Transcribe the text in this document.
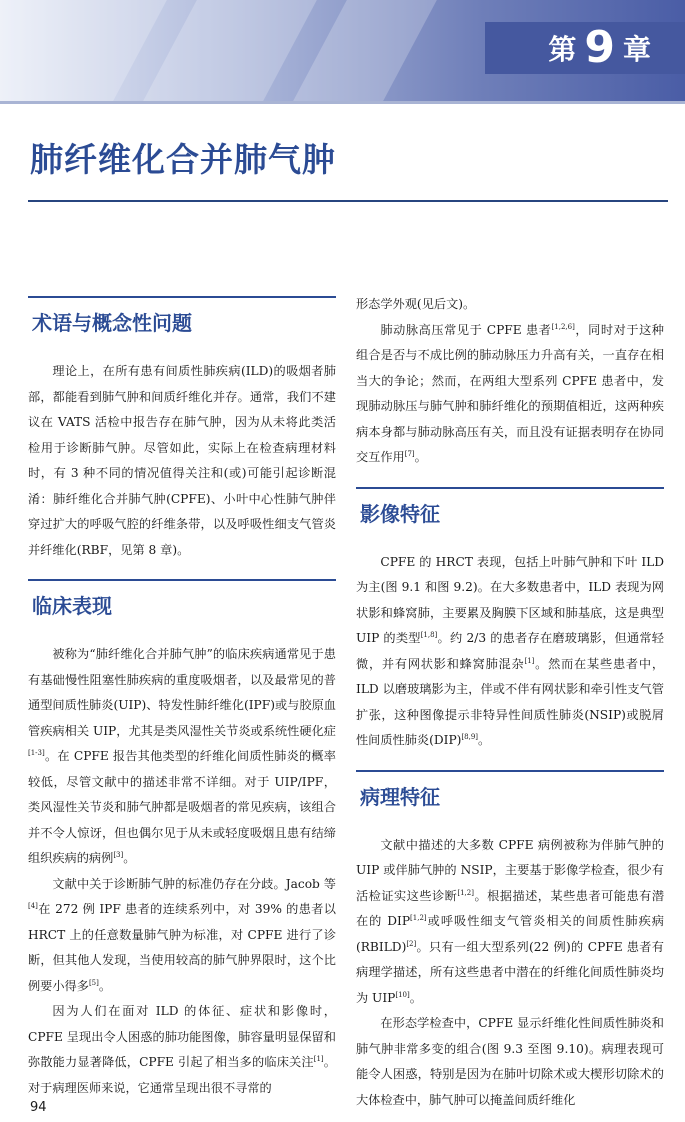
第 9 章
肺纤维化合并肺气肿
术语与概念性问题

理论上，在所有患有间质性肺疾病(ILD)的吸烟者肺部，都能看到肺气肿和间质纤维化并存。通常，我们不建议在 VATS 活检中报告存在肺气肿，因为从未将此类活检用于诊断肺气肿。尽管如此，实际上在检查病理材料时，有 3 种不同的情况值得关注和(或)可能引起诊断混淆：肺纤维化合并肺气肿(CPFE)、小叶中心性肺气肿伴穿过扩大的呼吸气腔的纤维条带，以及呼吸性细支气管炎并纤维化(RBF，见第 8 章)。

临床表现

被称为“肺纤维化合并肺气肿”的临床疾病通常见于患有基础慢性阻塞性肺疾病的重度吸烟者，以及最常见的普通型间质性肺炎(UIP)、特发性肺纤维化(IPF)或与胶原血管疾病相关 UIP，尤其是类风湿性关节炎或系统性硬化症[1-3]。在 CPFE 报告其他类型的纤维化间质性肺炎的概率较低，尽管文献中的描述非常不详细。对于 UIP/IPF，类风湿性关节炎和肺气肿都是吸烟者的常见疾病，该组合并不令人惊讶，但也偶尔见于从未或轻度吸烟且患有结缔组织疾病的病例[3]。

文献中关于诊断肺气肿的标准仍存在分歧。Jacob 等[4]在 272 例 IPF 患者的连续系列中，对 39% 的患者以 HRCT 上的任意数量肺气肿为标准，对 CPFE 进行了诊断，但其他人发现，当使用较高的肺气肿界限时，这个比例要小得多[5]。

因为人们在面对 ILD 的体征、症状和影像时，CPFE 呈现出令人困惑的肺功能图像，肺容量明显保留和弥散能力显著降低，CPFE 引起了相当多的临床关注[1]。对于病理医师来说，它通常呈现出很不寻常的

形态学外观(见后文)。

肺动脉高压常见于 CPFE 患者[1,2,6]，同时对于这种组合是否与不成比例的肺动脉压力升高有关，一直存在相当大的争论；然而，在两组大型系列 CPFE 患者中，发现肺动脉压与肺气肿和肺纤维化的预期值相近，这两种疾病本身都与肺动脉高压有关，而且没有证据表明存在协同交互作用[7]。

影像特征

CPFE 的 HRCT 表现，包括上叶肺气肿和下叶 ILD 为主(图 9.1 和图 9.2)。在大多数患者中，ILD 表现为网状影和蜂窝肺，主要累及胸膜下区域和肺基底，这是典型 UIP 的类型[1,8]。约 2/3 的患者存在磨玻璃影，但通常轻微，并有网状影和蜂窝肺混杂[1]。然而在某些患者中，ILD 以磨玻璃影为主，伴或不伴有网状影和牵引性支气管扩张，这种图像提示非特异性间质性肺炎(NSIP)或脱屑性间质性肺炎(DIP)[8,9]。

病理特征

文献中描述的大多数 CPFE 病例被称为伴肺气肿的 UIP 或伴肺气肿的 NSIP，主要基于影像学检查，很少有活检证实这些诊断[1,2]。根据描述，某些患者可能患有潜在的 DIP[1,2]或呼吸性细支气管炎相关的间质性肺疾病(RBILD)[2]。只有一组大型系列(22 例)的 CPFE 患者有病理学描述，所有这些患者中潜在的纤维化间质性肺炎均为 UIP[10]。

在形态学检查中，CPFE 显示纤维化性间质性肺炎和肺气肿非常多变的组合(图 9.3 至图 9.10)。病理表现可能令人困惑，特别是因为在肺叶切除术或大楔形切除术的大体检查中，肺气肿可以掩盖间质纤维化

94
